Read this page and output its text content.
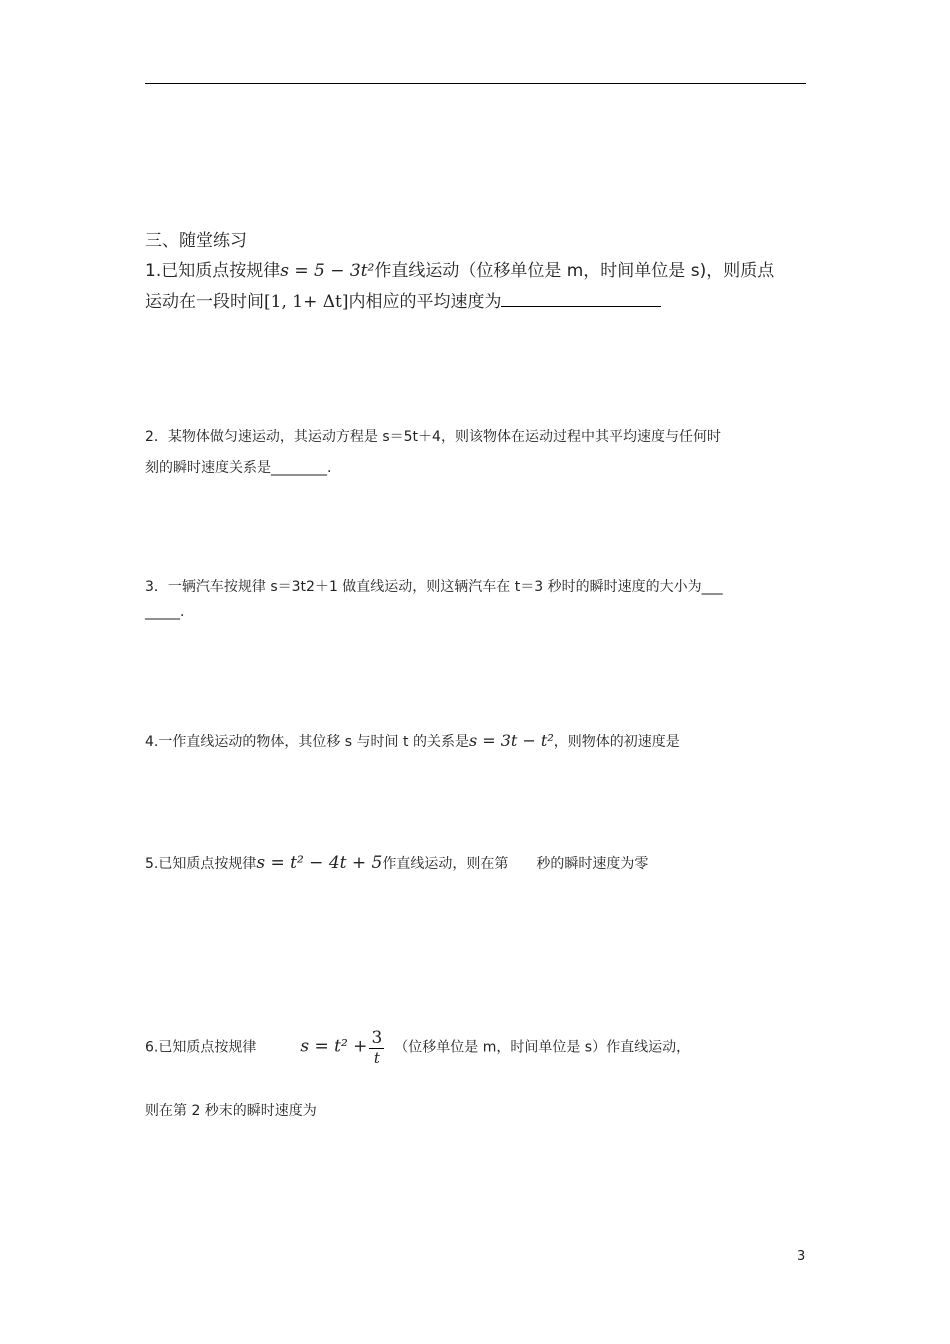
三、随堂练习
1.已知质点按规律s = 5 − 3t²作直线运动（位移单位是 m，时间单位是 s)，则质点
运动在一段时间[1, 1+ Δt]内相应的平均速度为
2．某物体做匀速运动，其运动方程是 s＝5t＋4，则该物体在运动过程中其平均速度与任何时
刻的瞬时速度关系是________.
3．一辆汽车按规律 s＝3t2＋1 做直线运动，则这辆汽车在 t＝3 秒时的瞬时速度的大小为___
_____.
4.一作直线运动的物体，其位移 s 与时间 t 的关系是s = 3t − t²，则物体的初速度是
5.已知质点按规律s = t² − 4t + 5作直线运动，则在第　　秒的瞬时速度为零
6.已知质点按规律	$s = t^2 + \frac{3}{t}$ （位移单位是 m，时间单位是 s）作直线运动，
则在第 2 秒末的瞬时速度为
3
